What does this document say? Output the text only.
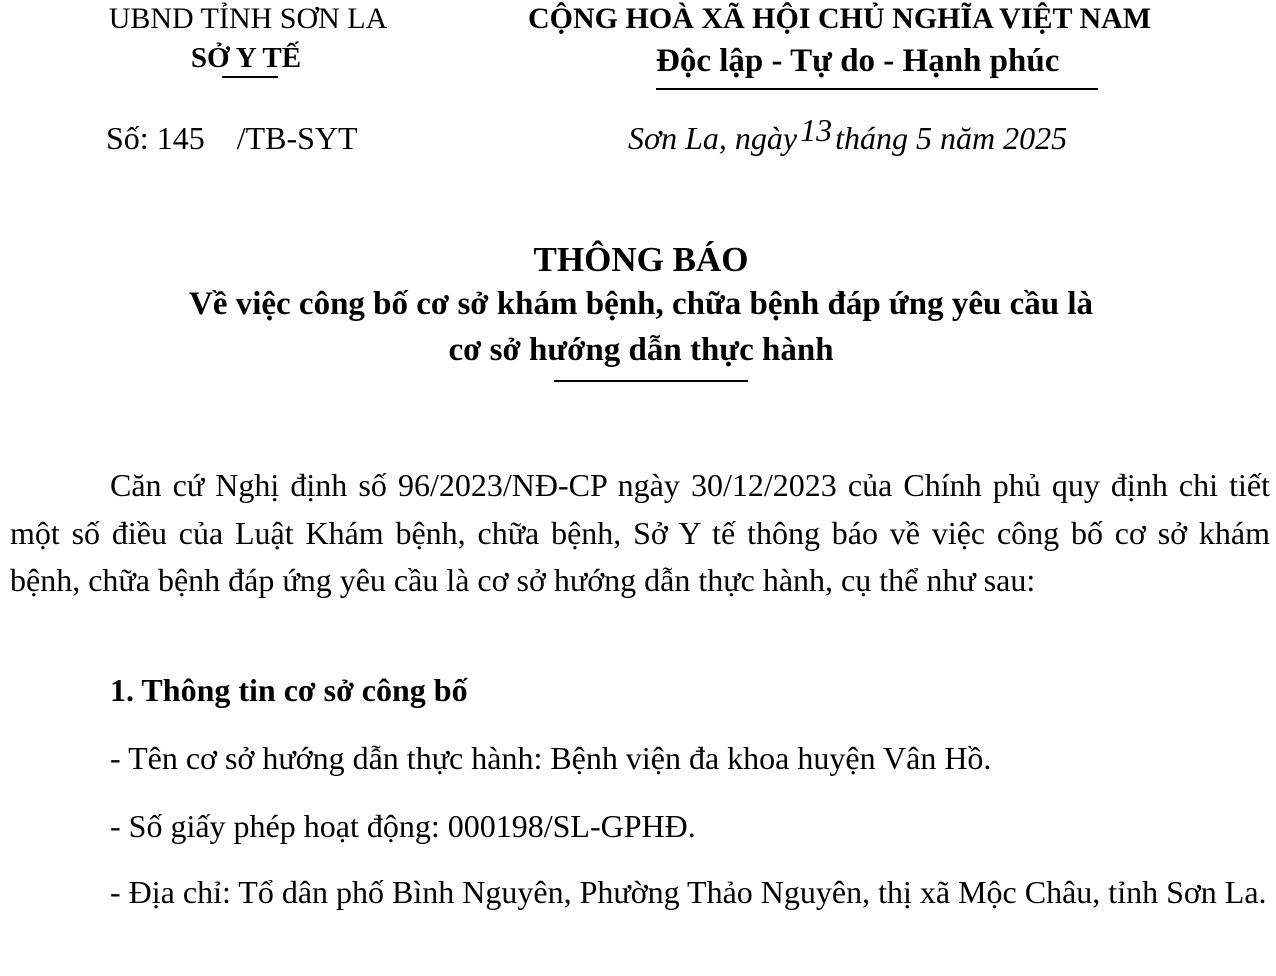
UBND TỈNH SƠN LA
SỞ Y TẾ
CỘNG HOÀ XÃ HỘI CHỦ NGHĨA VIỆT NAM
Độc lập - Tự do - Hạnh phúc
Số: 145    /TB-SYT	Sơn La, ngày13tháng 5 năm 2025
THÔNG BÁO
Về việc công bố cơ sở khám bệnh, chữa bệnh đáp ứng yêu cầu là
cơ sở hướng dẫn thực hành
Căn cứ Nghị định số 96/2023/NĐ-CP ngày 30/12/2023 của Chính phủ quy định chi tiết một số điều của Luật Khám bệnh, chữa bệnh, Sở Y tế thông báo về việc công bố cơ sở khám bệnh, chữa bệnh đáp ứng yêu cầu là cơ sở hướng dẫn thực hành, cụ thể như sau:
1. Thông tin cơ sở công bố
- Tên cơ sở hướng dẫn thực hành: Bệnh viện đa khoa huyện Vân Hồ.
- Số giấy phép hoạt động: 000198/SL-GPHĐ.
- Địa chỉ: Tổ dân phố Bình Nguyên, Phường Thảo Nguyên, thị xã Mộc Châu, tỉnh Sơn La.
